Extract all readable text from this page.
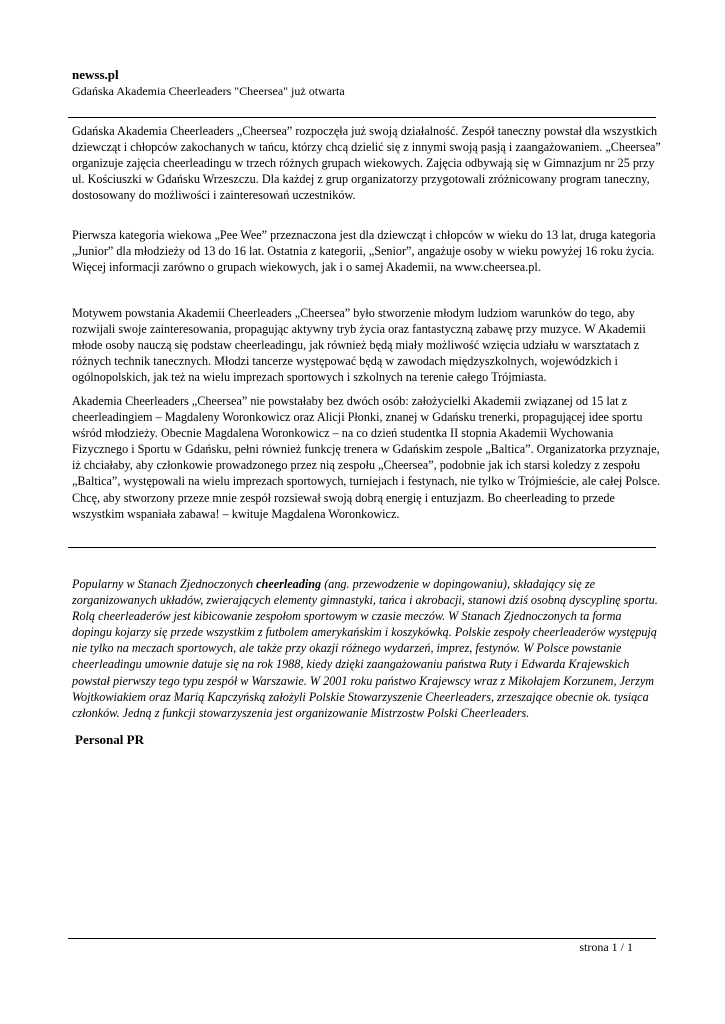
newss.pl
Gdańska Akademia Cheerleaders "Cheersea" już otwarta

Gdańska Akademia Cheerleaders „Cheersea” rozpoczęła już swoją działalność. Zespół taneczny powstał dla wszystkich dziewcząt i chłopców zakochanych w tańcu, którzy chcą dzielić się z innymi swoją pasją i zaangażowaniem. „Cheersea” organizuje zajęcia cheerleadingu w trzech różnych grupach wiekowych. Zajęcia odbywają się w Gimnazjum nr 25 przy ul. Kościuszki w Gdańsku Wrzeszczu. Dla każdej z grup organizatorzy przygotowali zróżnicowany program taneczny, dostosowany do możliwości i zainteresowań uczestników.

Pierwsza kategoria wiekowa „Pee Wee” przeznaczona jest dla dziewcząt i chłopców w wieku do 13 lat, druga kategoria „Junior” dla młodzieży od 13 do 16 lat. Ostatnia z kategorii, „Senior”, angażuje osoby w wieku powyżej 16 roku życia. Więcej informacji zarówno o grupach wiekowych, jak i o samej Akademii, na www.cheersea.pl.

Motywem powstania Akademii Cheerleaders „Cheersea” było stworzenie młodym ludziom warunków do tego, aby rozwijali swoje zainteresowania, propagując aktywny tryb życia oraz fantastyczną zabawę przy muzyce. W Akademii młode osoby nauczą się podstaw cheerleadingu, jak również będą miały możliwość wzięcia udziału w warsztatach z różnych technik tanecznych. Młodzi tancerze występować będą w zawodach międzyszkolnych, wojewódzkich i ogólnopolskich, jak też na wielu imprezach sportowych i szkolnych na terenie całego Trójmiasta.

Akademia Cheerleaders „Cheersea” nie powstałaby bez dwóch osób: założycielki Akademii związanej od 15 lat z cheerleadingiem – Magdaleny Woronkowicz oraz Alicji Płonki, znanej w Gdańsku trenerki, propagującej idee sportu wśród młodzieży. Obecnie Magdalena Woronkowicz – na co dzień studentka II stopnia Akademii Wychowania Fizycznego i Sportu w Gdańsku, pełni również funkcję trenera w Gdańskim zespole „Baltica”. Organizatorka przyznaje, iż chciałaby, aby członkowie prowadzonego przez nią zespołu „Cheersea”, podobnie jak ich starsi koledzy z zespołu „Baltica”, występowali na wielu imprezach sportowych, turniejach i festynach, nie tylko w Trójmieście, ale całej Polsce. Chcę, aby stworzony przeze mnie zespół rozsiewał swoją dobrą energię i entuzjazm. Bo cheerleading to przede wszystkim wspaniała zabawa! – kwituje Magdalena Woronkowicz.

Popularny w Stanach Zjednoczonych cheerleading (ang. przewodzenie w dopingowaniu), składający się ze zorganizowanych układów, zwierających elementy gimnastyki, tańca i akrobacji, stanowi dziś osobną dyscyplinę sportu. Rolą cheerleaderów jest kibicowanie zespołom sportowym w czasie meczów. W Stanach Zjednoczonych ta forma dopingu kojarzy się przede wszystkim z futbolem amerykańskim i koszykówką. Polskie zespoły cheerleaderów występują nie tylko na meczach sportowych, ale także przy okazji różnego wydarzeń, imprez, festynów. W Polsce powstanie cheerleadingu umownie datuje się na rok 1988, kiedy dzięki zaangażowaniu państwa Ruty i Edwarda Krajewskich powstał pierwszy tego typu zespół w Warszawie. W 2001 roku państwo Krajewscy wraz z Mikołajem Korzunem, Jerzym Wojtkowiakiem oraz Marią Kapczyńską założyli Polskie Stowarzyszenie Cheerleaders, zrzeszające obecnie ok. tysiąca członków. Jedną z funkcji stowarzyszenia jest organizowanie Mistrzostw Polski Cheerleaders.

Personal PR
strona 1 / 1
